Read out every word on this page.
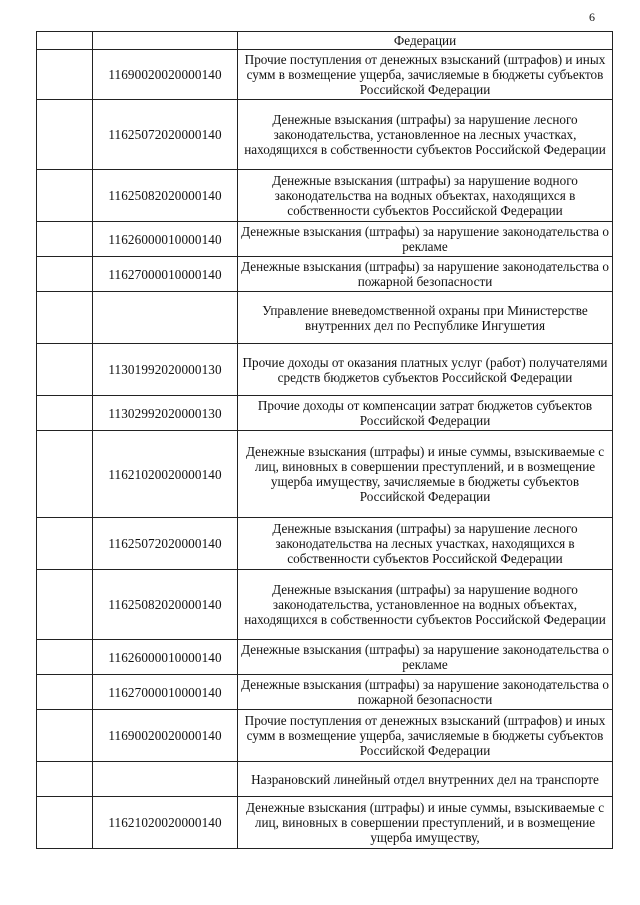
6
		Федерации
	11690020020000140	Прочие поступления от денежных взысканий (штрафов) и иных сумм в возмещение ущерба, зачисляемые в бюджеты субъектов Российской Федерации
	11625072020000140	Денежные взыскания (штрафы) за нарушение лесного законодательства, установленное на лесных участках, находящихся в собственности субъектов Российской Федерации
	11625082020000140	Денежные взыскания (штрафы) за нарушение водного законодательства на водных объектах, находящихся в собственности субъектов Российской Федерации
	11626000010000140	Денежные взыскания (штрафы) за нарушение законодательства о рекламе
	11627000010000140	Денежные взыскания (штрафы) за нарушение законодательства о пожарной безопасности
		Управление вневедомственной охраны при Министерстве внутренних дел по Республике Ингушетия
	11301992020000130	Прочие доходы от оказания платных услуг (работ) получателями средств бюджетов субъектов Российской Федерации
	11302992020000130	Прочие доходы от компенсации затрат бюджетов субъектов Российской Федерации
	11621020020000140	Денежные взыскания (штрафы) и иные суммы, взыскиваемые с лиц, виновных в совершении преступлений, и в возмещение ущерба имуществу, зачисляемые в бюджеты субъектов Российской Федерации
	11625072020000140	Денежные взыскания (штрафы) за нарушение лесного законодательства на лесных участках, находящихся в собственности субъектов Российской Федерации
	11625082020000140	Денежные взыскания (штрафы) за нарушение водного законодательства, установленное на водных объектах, находящихся в собственности субъектов Российской Федерации
	11626000010000140	Денежные взыскания (штрафы) за нарушение законодательства о рекламе
	11627000010000140	Денежные взыскания (штрафы) за нарушение законодательства о пожарной безопасности
	11690020020000140	Прочие поступления от денежных взысканий (штрафов) и иных сумм в возмещение ущерба, зачисляемые в бюджеты субъектов Российской Федерации
		Назрановский линейный отдел внутренних дел на транспорте
	11621020020000140	Денежные взыскания (штрафы) и иные суммы, взыскиваемые с лиц, виновных в совершении преступлений, и в возмещение ущерба имуществу,
